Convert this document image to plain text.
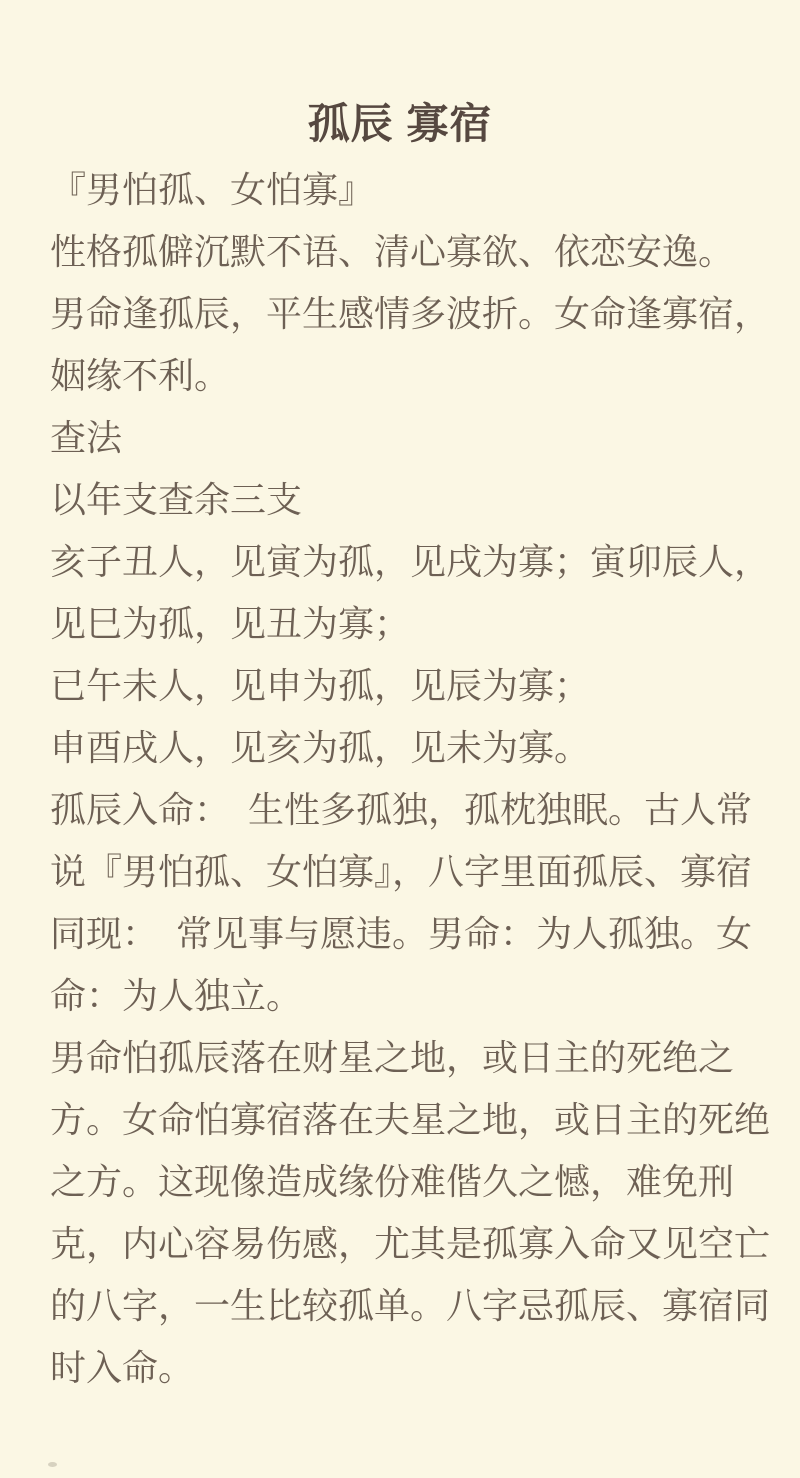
孤辰 寡宿
『男怕孤、女怕寡』
性格孤僻沉默不语、清心寡欲、依恋安逸。
男命逢孤辰，平生感情多波折。女命逢寡宿，
姻缘不利。
查法
以年支查余三支
亥子丑人，见寅为孤，见戌为寡；寅卯辰人，
见巳为孤，见丑为寡；
已午未人，见申为孤，见辰为寡；
申酉戌人，见亥为孤，见未为寡。
孤辰入命：　生性多孤独，孤枕独眠。古人常
说『男怕孤、女怕寡』，八字里面孤辰、寡宿
同现：　常见事与愿违。男命：为人孤独。女
命：为人独立。
男命怕孤辰落在财星之地，或日主的死绝之
方。女命怕寡宿落在夫星之地，或日主的死绝
之方。这现像造成缘份难偕久之憾，难免刑
克，内心容易伤感，尤其是孤寡入命又见空亡
的八字，一生比较孤单。八字忌孤辰、寡宿同
时入命。
